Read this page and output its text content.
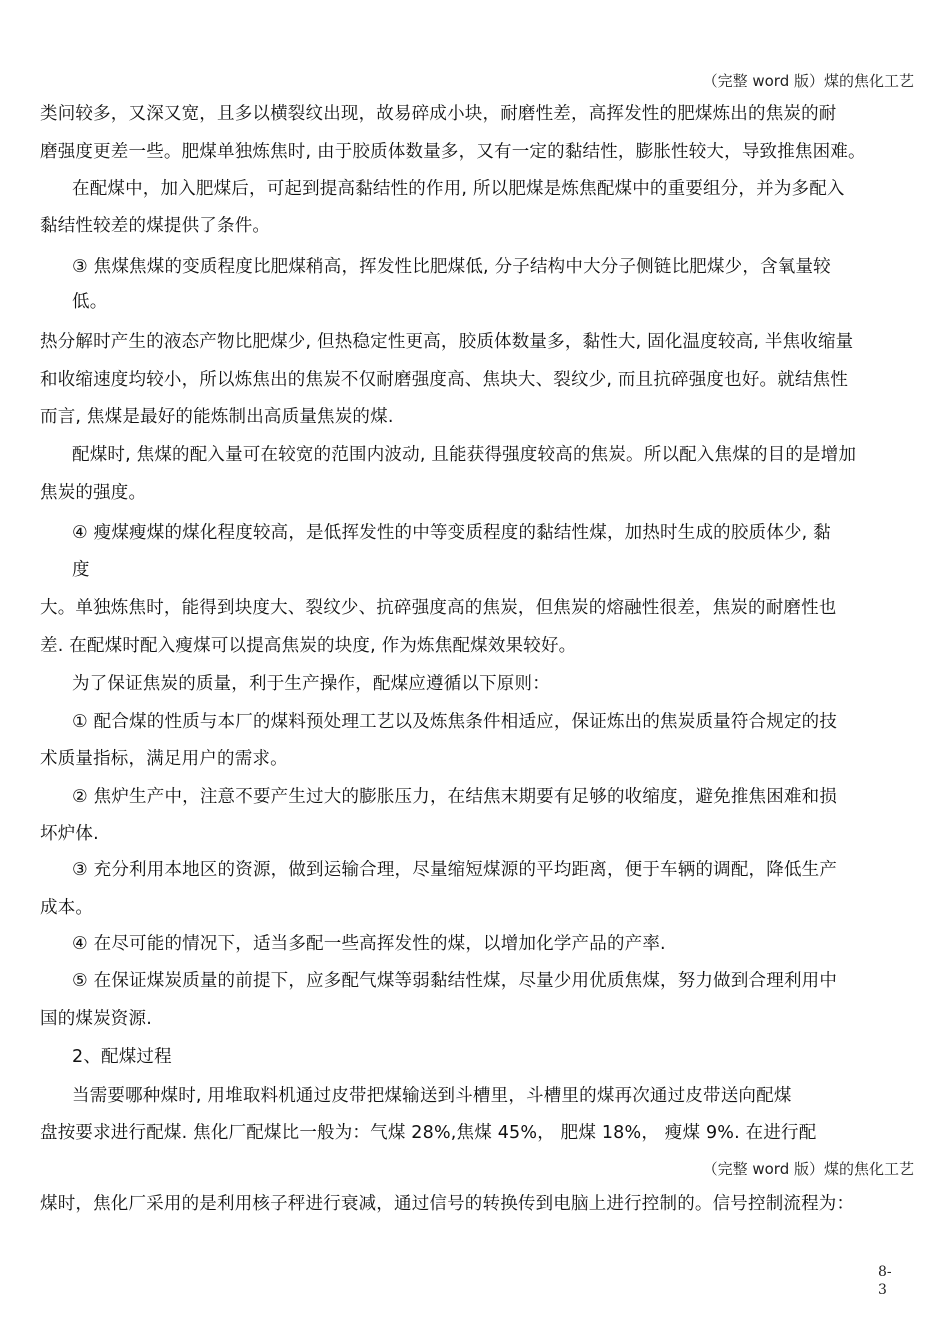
（完整 word 版）煤的焦化工艺
类问较多，又深又宽，且多以横裂纹出现，故易碎成小块，耐磨性差，高挥发性的肥煤炼出的焦炭的耐
磨强度更差一些。肥煤单独炼焦时, 由于胶质体数量多，又有一定的黏结性，膨胀性较大，导致推焦困难。
在配煤中，加入肥煤后，可起到提高黏结性的作用, 所以肥煤是炼焦配煤中的重要组分，并为多配入
黏结性较差的煤提供了条件。
③ 焦煤焦煤的变质程度比肥煤稍高，挥发性比肥煤低, 分子结构中大分子侧链比肥煤少，含氧量较
低。
热分解时产生的液态产物比肥煤少, 但热稳定性更高，胶质体数量多，黏性大, 固化温度较高, 半焦收缩量
和收缩速度均较小，所以炼焦出的焦炭不仅耐磨强度高、焦块大、裂纹少, 而且抗碎强度也好。就结焦性
而言, 焦煤是最好的能炼制出高质量焦炭的煤.
配煤时, 焦煤的配入量可在较宽的范围内波动, 且能获得强度较高的焦炭。所以配入焦煤的目的是增加
焦炭的强度。
④ 瘦煤瘦煤的煤化程度较高，是低挥发性的中等变质程度的黏结性煤，加热时生成的胶质体少, 黏
度
大。单独炼焦时，能得到块度大、裂纹少、抗碎强度高的焦炭，但焦炭的熔融性很差，焦炭的耐磨性也
差. 在配煤时配入瘦煤可以提高焦炭的块度, 作为炼焦配煤效果较好。
为了保证焦炭的质量，利于生产操作，配煤应遵循以下原则：
① 配合煤的性质与本厂的煤料预处理工艺以及炼焦条件相适应，保证炼出的焦炭质量符合规定的技
术质量指标，满足用户的需求。
② 焦炉生产中，注意不要产生过大的膨胀压力，在结焦末期要有足够的收缩度，避免推焦困难和损
坏炉体.
③ 充分利用本地区的资源，做到运输合理，尽量缩短煤源的平均距离，便于车辆的调配，降低生产
成本。
④ 在尽可能的情况下，适当多配一些高挥发性的煤，以增加化学产品的产率.
⑤ 在保证煤炭质量的前提下，应多配气煤等弱黏结性煤，尽量少用优质焦煤，努力做到合理利用中
国的煤炭资源.
2、配煤过程
当需要哪种煤时, 用堆取料机通过皮带把煤输送到斗槽里，斗槽里的煤再次通过皮带送向配煤
盘按要求进行配煤. 焦化厂配煤比一般为：气煤 28%,焦煤 45%， 肥煤 18%， 瘦煤 9%. 在进行配
（完整 word 版）煤的焦化工艺
煤时，焦化厂采用的是利用核子秤进行衰减，通过信号的转换传到电脑上进行控制的。信号控制流程为：
8-
3
